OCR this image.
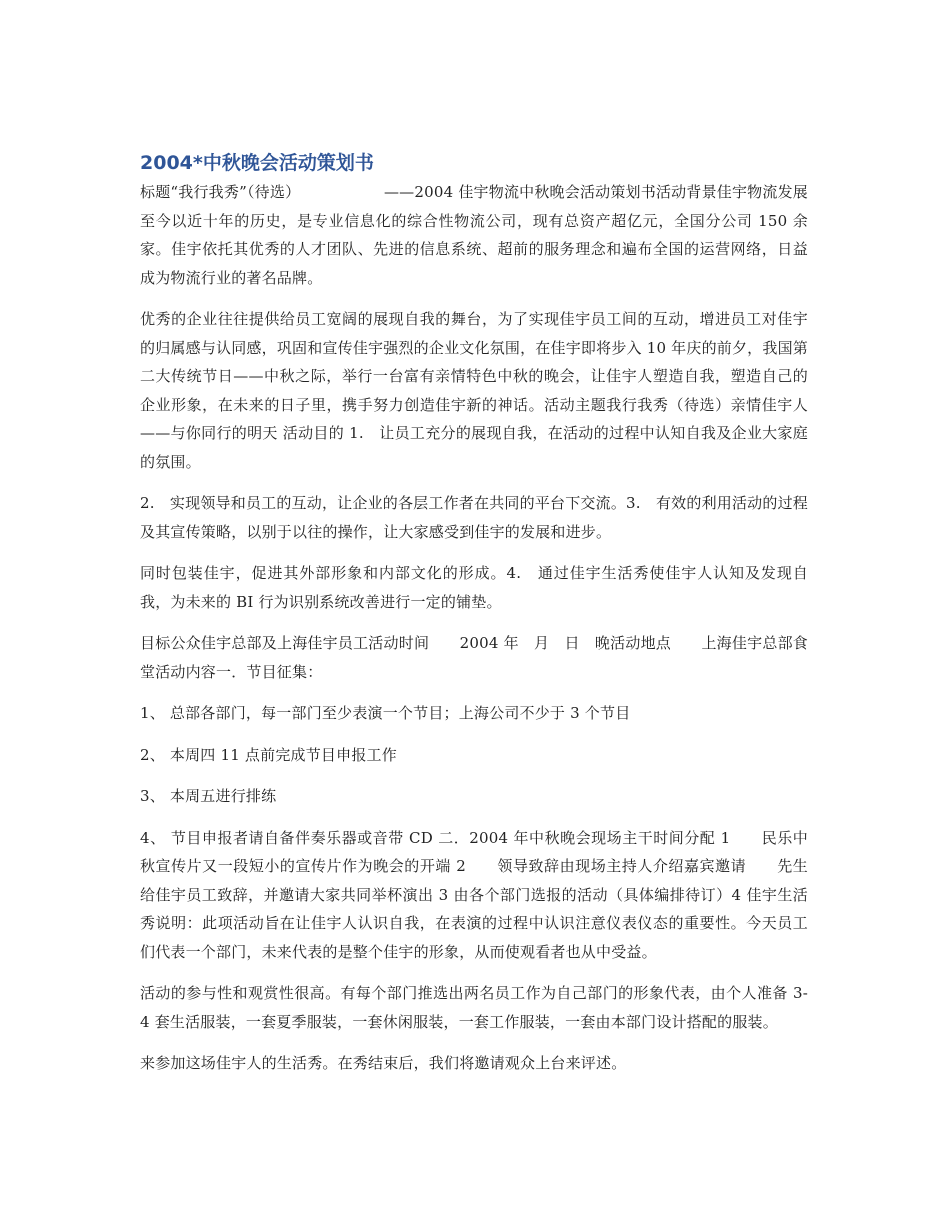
2004*中秋晚会活动策划书

标题“我行我秀”（待选）　　　　　　——2004 佳宇物流中秋晚会活动策划书活动背景佳宇物流发展至今以近十年的历史，是专业信息化的综合性物流公司，现有总资产超亿元，全国分公司 150 余家。佳宇依托其优秀的人才团队、先进的信息系统、超前的服务理念和遍布全国的运营网络，日益成为物流行业的著名品牌。

优秀的企业往往提供给员工宽阔的展现自我的舞台，为了实现佳宇员工间的互动，增进员工对佳宇的归属感与认同感，巩固和宣传佳宇强烈的企业文化氛围，在佳宇即将步入 10 年庆的前夕，我国第二大传统节日——中秋之际，举行一台富有亲情特色中秋的晚会，让佳宇人塑造自我，塑造自己的企业形象，在未来的日子里，携手努力创造佳宇新的神话。活动主题我行我秀（待选）亲情佳宇人——与你同行的明天 活动目的 1.　让员工充分的展现自我，在活动的过程中认知自我及企业大家庭的氛围。

2.　实现领导和员工的互动，让企业的各层工作者在共同的平台下交流。3.　有效的利用活动的过程及其宣传策略，以别于以往的操作，让大家感受到佳宇的发展和进步。

同时包装佳宇，促进其外部形象和内部文化的形成。4.　通过佳宇生活秀使佳宇人认知及发现自我，为未来的 BI 行为识别系统改善进行一定的铺垫。

目标公众佳宇总部及上海佳宇员工活动时间　　2004 年　月　日　晚活动地点　　上海佳宇总部食堂活动内容一．节目征集：

1、 总部各部门，每一部门至少表演一个节目；上海公司不少于 3 个节目

2、 本周四 11 点前完成节目申报工作

3、 本周五进行排练

4、 节目申报者请自备伴奏乐器或音带 CD 二．2004 年中秋晚会现场主干时间分配 1　　民乐中秋宣传片又一段短小的宣传片作为晚会的开端 2　　领导致辞由现场主持人介绍嘉宾邀请　　先生给佳宇员工致辞，并邀请大家共同举杯演出 3 由各个部门选报的活动（具体编排待订）4 佳宇生活秀说明：此项活动旨在让佳宇人认识自我，在表演的过程中认识注意仪表仪态的重要性。今天员工们代表一个部门，未来代表的是整个佳宇的形象，从而使观看者也从中受益。

活动的参与性和观赏性很高。有每个部门推选出两名员工作为自己部门的形象代表，由个人准备 3-4 套生活服装，一套夏季服装，一套休闲服装，一套工作服装，一套由本部门设计搭配的服装。

来参加这场佳宇人的生活秀。在秀结束后，我们将邀请观众上台来评述。
